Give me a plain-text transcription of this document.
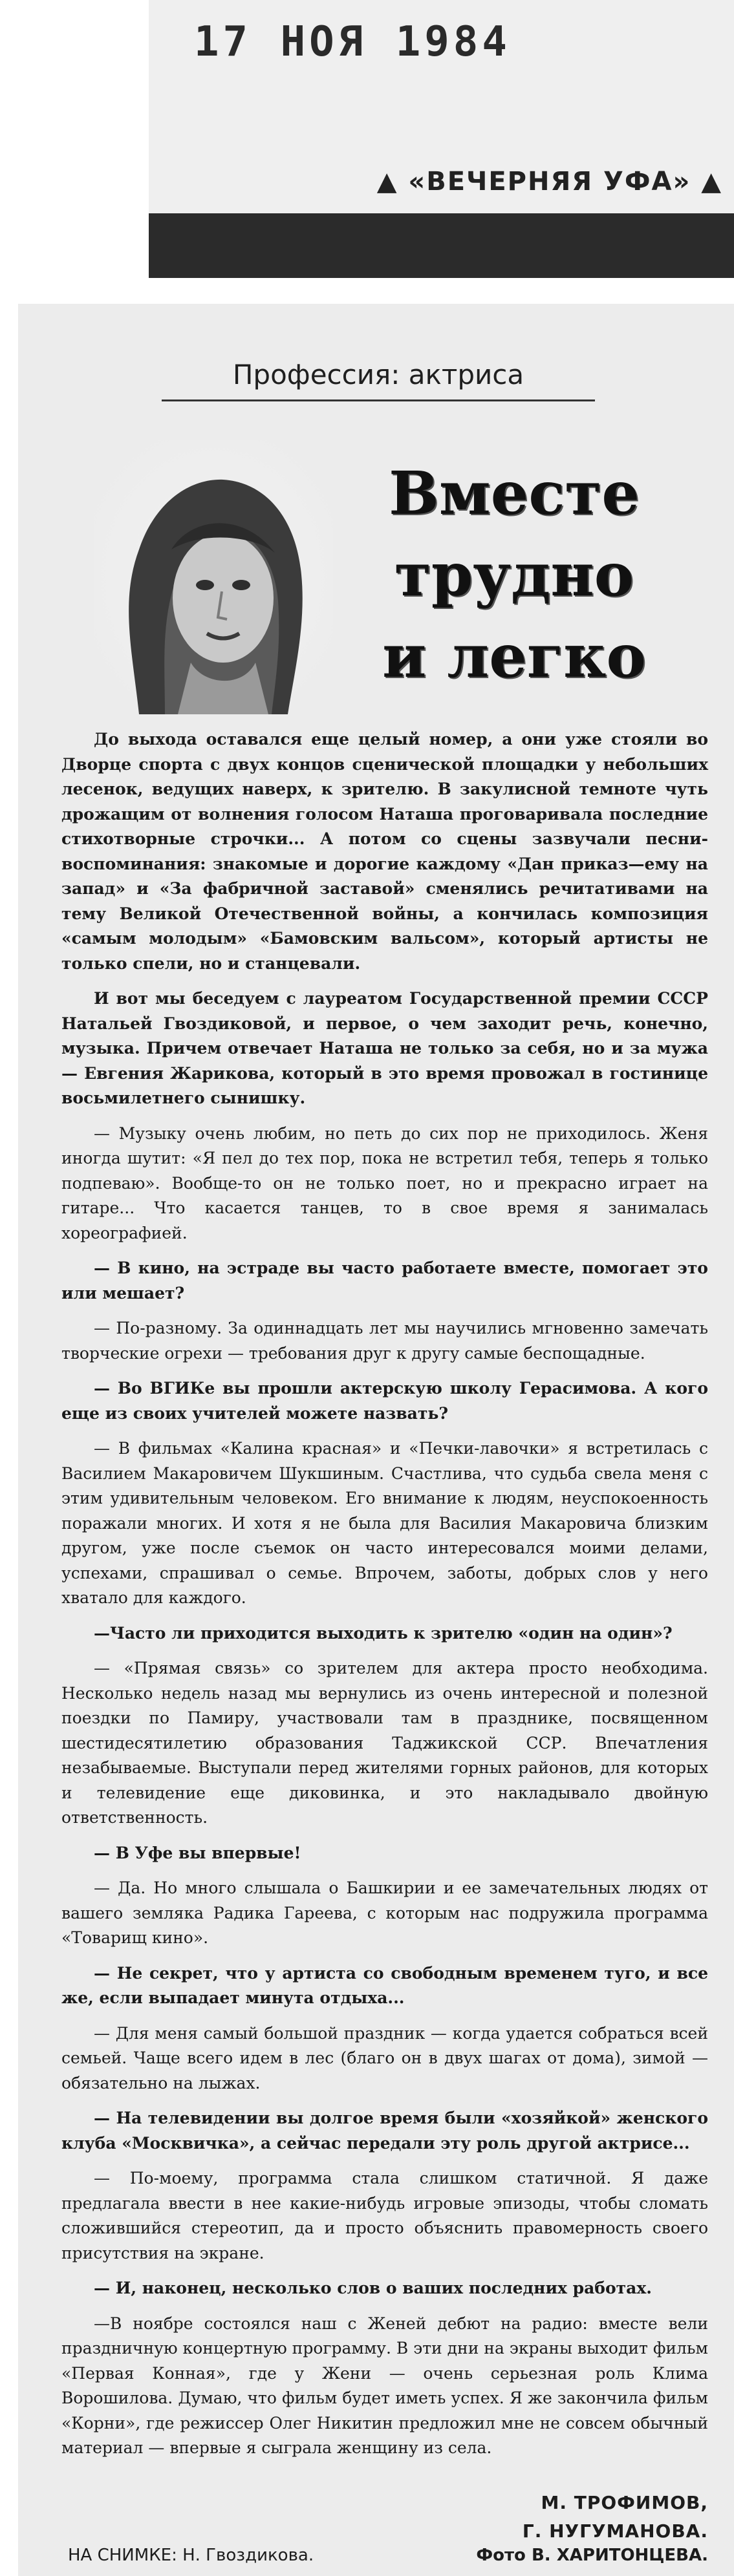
17 НОЯ 1984
▲ «ВЕЧЕРНЯЯ УФА» ▲
Профессия: актриса
Вместе
трудно
и легко

До выхода оставался еще целый номер, а они уже стояли во Дворце спорта с двух концов сценической площадки у небольших лесенок, ведущих наверх, к зрителю. В закулисной темноте чуть дрожащим от волнения голосом Наташа проговаривала последние стихотворные строчки... А потом со сцены зазвучали песни-воспоминания: знакомые и дорогие каждому «Дан приказ—ему на запад» и «За фабричной заставой» сменялись речитативами на тему Великой Отечественной войны, а кончилась композиция «самым молодым» «Бамовским вальсом», который артисты не только спели, но и станцевали.

И вот мы беседуем с лауреатом Государственной премии СССР Натальей Гвоздиковой, и первое, о чем заходит речь, конечно, музыка. Причем отвечает Наташа не только за себя, но и за мужа — Евгения Жарикова, который в это время провожал в гостинице восьмилетнего сынишку.

— Музыку очень любим, но петь до сих пор не приходилось. Женя иногда шутит: «Я пел до тех пор, пока не встретил тебя, теперь я только подпеваю». Вообще-то он не только поет, но и прекрасно играет на гитаре... Что касается танцев, то в свое время я занималась хореографией.

— В кино, на эстраде вы часто работаете вместе, помогает это или мешает?

— По-разному. За одиннадцать лет мы научились мгновенно замечать творческие огрехи — требования друг к другу самые беспощадные.

— Во ВГИКе вы прошли актерскую школу Герасимова. А кого еще из своих учителей можете назвать?

— В фильмах «Калина красная» и «Печки-лавочки» я встретилась с Василием Макаровичем Шукшиным. Счастлива, что судьба свела меня с этим удивительным человеком. Его внимание к людям, неуспокоенность поражали многих. И хотя я не была для Василия Макаровича близким другом, уже после съемок он часто интересовался моими делами, успехами, спрашивал о семье. Впрочем, заботы, добрых слов у него хватало для каждого.

—Часто ли приходится выходить к зрителю «один на один»?

— «Прямая связь» со зрителем для актера просто необходима. Несколько недель назад мы вернулись из очень интересной и полезной поездки по Памиру, участвовали там в празднике, посвященном шестидесятилетию образования Таджикской ССР. Впечатления незабываемые. Выступали перед жителями горных районов, для которых и телевидение еще диковинка, и это накладывало двойную ответственность.

— В Уфе вы впервые!

— Да. Но много слышала о Башкирии и ее замечательных людях от вашего земляка Радика Гареева, с которым нас подружила программа «Товарищ кино».

— Не секрет, что у артиста со свободным временем туго, и все же, если выпадает минута отдыха...

— Для меня самый большой праздник — когда удается собраться всей семьей. Чаще всего идем в лес (благо он в двух шагах от дома), зимой — обязательно на лыжах.

— На телевидении вы долгое время были «хозяйкой» женского клуба «Москвичка», а сейчас передали эту роль другой актрисе...

— По-моему, программа стала слишком статичной. Я даже предлагала ввести в нее какие-нибудь игровые эпизоды, чтобы сломать сложившийся стереотип, да и просто объяснить правомерность своего присутствия на экране.

— И, наконец, несколько слов о ваших последних работах.

—В ноябре состоялся наш с Женей дебют на радио: вместе вели праздничную концертную программу. В эти дни на экраны выходит фильм «Первая Конная», где у Жени — очень серьезная роль Клима Ворошилова. Думаю, что фильм будет иметь успех. Я же закончила фильм «Корни», где режиссер Олег Никитин предложил мне не совсем обычный материал — впервые я сыграла женщину из села.

М. ТРОФИМОВ,
Г. НУГУМАНОВА.
НА СНИМКЕ: Н. Гвоздикова.	Фото В. ХАРИТОНЦЕВА.
